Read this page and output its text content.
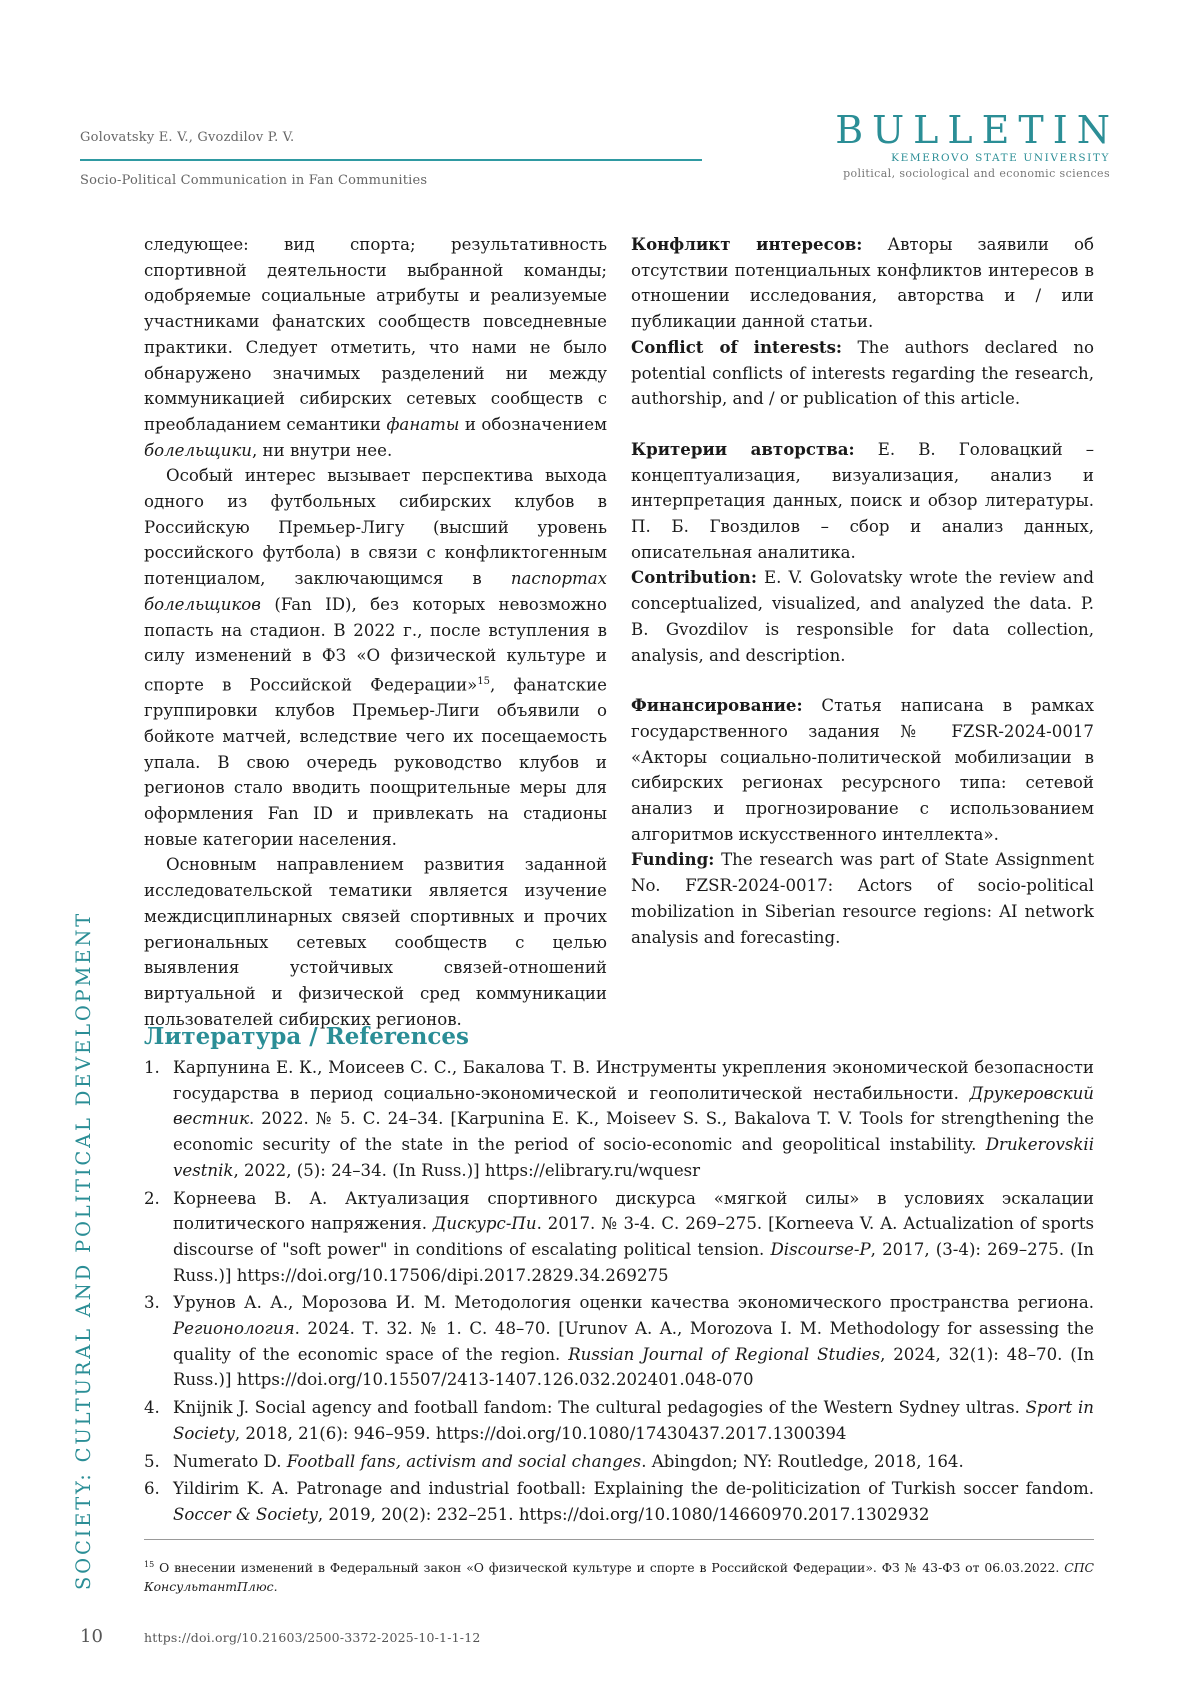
Golovatsky E. V., Gvozdilov P. V.

Socio-Political Communication in Fan Communities

BULLETIN

KEMEROVO STATE UNIVERSITY

political, sociological and economic sciences

SOCIETY: CULTURAL AND POLITICAL DEVELOPMENT

следующее: вид спорта; результативность спортивной деятельности выбранной команды; одобряемые социальные атрибуты и реализуемые участниками фанатских сообществ повседневные практики. Следует отметить, что нами не было обнаружено значимых разделений ни между коммуникацией сибирских сетевых сообществ с преобладанием семантики фанаты и обозначением болельщики, ни внутри нее.

Особый интерес вызывает перспектива выхода одного из футбольных сибирских клубов в Российскую Премьер-Лигу (высший уровень российского футбола) в связи с конфликтогенным потенциалом, заключающимся в паспортах болельщиков (Fan ID), без которых невозможно попасть на стадион. В 2022 г., после вступления в силу изменений в ФЗ «О физической культуре и спорте в Российской Федерации»$^{15}$, фанатские группировки клубов Премьер-Лиги объявили о бойкоте матчей, вследствие чего их посещаемость упала. В свою очередь руководство клубов и регионов стало вводить поощрительные меры для оформления Fan ID и привлекать на стадионы новые категории населения.

Основным направлением развития заданной исследовательской тематики является изучение междисциплинарных связей спортивных и прочих региональных сетевых сообществ с целью выявления устойчивых связей-отношений виртуальной и физической сред коммуникации пользователей сибирских регионов.

Конфликт интересов: Авторы заявили об отсутствии потенциальных конфликтов интересов в отношении исследования, авторства и / или публикации данной статьи.

Conflict of interests: The authors declared no potential conflicts of interests regarding the research, authorship, and / or publication of this article.

Критерии авторства: Е. В. Головацкий – концептуализация, визуализация, анализ и интерпретация данных, поиск и обзор литературы. П. Б. Гвоздилов – сбор и анализ данных, описательная аналитика.

Contribution: E. V. Golovatsky wrote the review and conceptualized, visualized, and analyzed the data. P. B. Gvozdilov is responsible for data collection, analysis, and description.

Финансирование: Статья написана в рамках государственного задания № FZSR-2024-0017 «Акторы социально-политической мобилизации в сибирских регионах ресурсного типа: сетевой анализ и прогнозирование с использованием алгоритмов искусственного интеллекта».

Funding: The research was part of State Assignment No. FZSR-2024-0017: Actors of socio-political mobilization in Siberian resource regions: AI network analysis and forecasting.

Литература / References

1. Карпунина Е. К., Моисеев С. С., Бакалова Т. В. Инструменты укрепления экономической безопасности государства в период социально-экономической и геополитической нестабильности. Друкеровский вестник. 2022. № 5. С. 24–34. [Karpunina E. K., Moiseev S. S., Bakalova T. V. Tools for strengthening the economic security of the state in the period of socio-economic and geopolitical instability. Drukerovskii vestnik, 2022, (5): 24–34. (In Russ.)] https://elibrary.ru/wquesr

2. Корнеева В. А. Актуализация спортивного дискурса «мягкой силы» в условиях эскалации политического напряжения. Дискурс-Пи. 2017. № 3-4. С. 269–275. [Korneeva V. A. Actualization of sports discourse of "soft power" in conditions of escalating political tension. Discourse-P, 2017, (3-4): 269–275. (In Russ.)] https://doi.org/10.17506/dipi.2017.2829.34.269275

3. Урунов А. А., Морозова И. М. Методология оценки качества экономического пространства региона. Регионология. 2024. Т. 32. № 1. С. 48–70. [Urunov A. A., Morozova I. M. Methodology for assessing the quality of the economic space of the region. Russian Journal of Regional Studies, 2024, 32(1): 48–70. (In Russ.)] https://doi.org/10.15507/2413-1407.126.032.202401.048-070

4. Knijnik J. Social agency and football fandom: The cultural pedagogies of the Western Sydney ultras. Sport in Society, 2018, 21(6): 946–959. https://doi.org/10.1080/17430437.2017.1300394

5. Numerato D. Football fans, activism and social changes. Abingdon; NY: Routledge, 2018, 164.

6. Yildirim K. A. Patronage and industrial football: Explaining the de-politicization of Turkish soccer fandom. Soccer & Society, 2019, 20(2): 232–251. https://doi.org/10.1080/14660970.2017.1302932

$^{15}$ О внесении изменений в Федеральный закон «О физической культуре и спорте в Российской Федерации». ФЗ № 43-ФЗ от 06.03.2022. СПС КонсультантПлюс.
10	https://doi.org/10.21603/2500-3372-2025-10-1-1-12
